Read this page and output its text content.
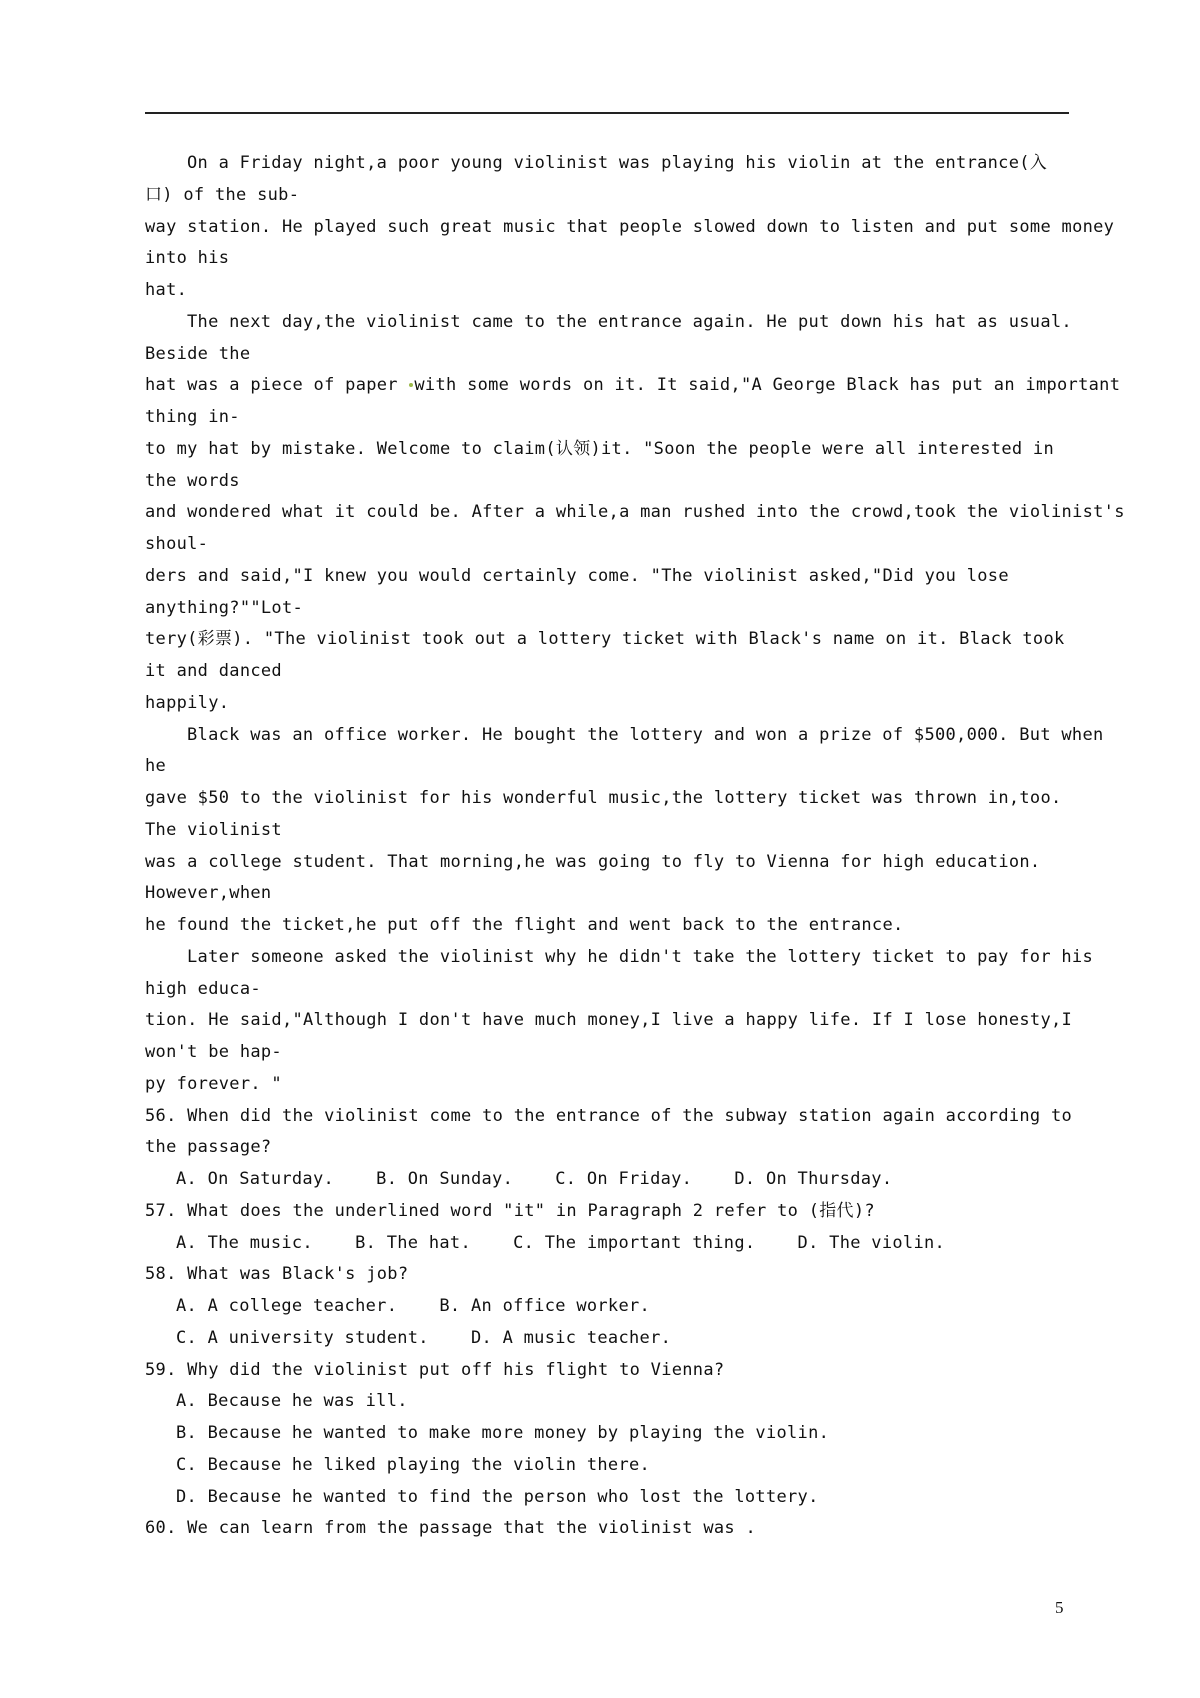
On a Friday night,a poor young violinist was playing his violin at the entrance(入
口) of the sub-
way station. He played such great music that people slowed down to listen and put some money
into his
hat.
The next day,the violinist came to the entrance again. He put down his hat as usual.
Beside the
hat was a piece of paper with some words on it. It said,"A George Black has put an important
thing in-
to my hat by mistake. Welcome to claim(认领)it. "Soon the people were all interested in
the words
and wondered what it could be. After a while,a man rushed into the crowd,took the violinist's
shoul-
ders and said,"I knew you would certainly come. "The violinist asked,"Did you lose
anything?""Lot-
tery(彩票). "The violinist took out a lottery ticket with Black's name on it. Black took
it and danced
happily.
Black was an office worker. He bought the lottery and won a prize of $500,000. But when
he
gave $50 to the violinist for his wonderful music,the lottery ticket was thrown in,too.
The violinist
was a college student. That morning,he was going to fly to Vienna for high education.
However,when
he found the ticket,he put off the flight and went back to the entrance.
Later someone asked the violinist why he didn't take the lottery ticket to pay for his
high educa-
tion. He said,"Although I don't have much money,I live a happy life. If I lose honesty,I
won't be hap-
py forever. "
56. When did the violinist come to the entrance of the subway station again according to
the passage?
A. On Saturday.    B. On Sunday.    C. On Friday.    D. On Thursday.
57. What does the underlined word "it" in Paragraph 2 refer to (指代)?
A. The music.    B. The hat.    C. The important thing.    D. The violin.
58. What was Black's job?
A. A college teacher.    B. An office worker.
C. A university student.    D. A music teacher.
59. Why did the violinist put off his flight to Vienna?
A. Because he was ill.
B. Because he wanted to make more money by playing the violin.
C. Because he liked playing the violin there.
D. Because he wanted to find the person who lost the lottery.
60. We can learn from the passage that the violinist was .
5
